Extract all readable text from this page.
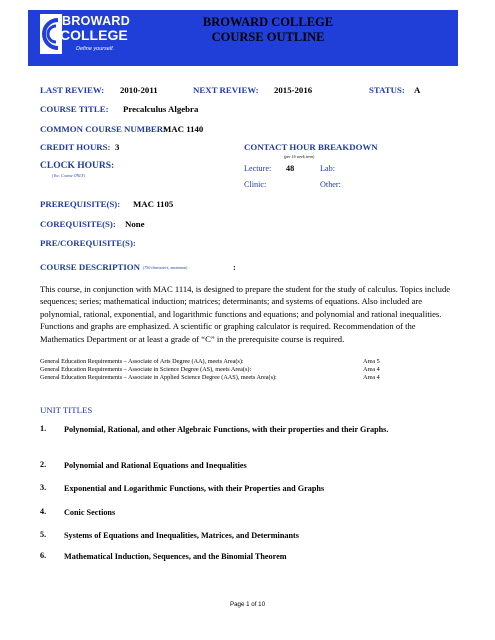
BROWARD
COLLEGE
Define yourself.
BROWARD COLLEGE
COURSE OUTLINE
LAST REVIEW: 2010-2011	NEXT REVIEW: 2015-2016	STATUS: A
COURSE TITLE: Precalculus Algebra
COMMON COURSE NUMBER:
MAC 1140
CREDIT HOURS: 3	CONTACT HOUR BREAKDOWN
(per 16 week term)
Lecture: 48	Lab:
Clinic:	Other:
CLOCK HOURS:
(Voc. Course ONLY)
PREREQUISITE(S): MAC 1105
COREQUISITE(S): None
PRE/COREQUISITE(S):
COURSE DESCRIPTION (750 characters, maximum)	:
This course, in conjunction with MAC 1114, is designed to prepare the student for the study of calculus. Topics include sequences; series; mathematical induction; matrices; determinants; and systems of equations. Also included are polynomial, rational, exponential, and logarithmic functions and equations; and polynomial and rational inequalities. Functions and graphs are emphasized. A scientific or graphing calculator is required. Recommendation of the Mathematics Department or at least a grade of “C” in the prerequisite course is required.
General Education Requirements – Associate of Arts Degree (AA), meets Area(s):	Area 5
General Education Requirements – Associate in Science Degree (AS), meets Area(s):	Area 4
General Education Requirements – Associate in Applied Science Degree (AAS), meets Area(s):	Area 4
UNIT TITLES
1. Polynomial, Rational, and other Algebraic Functions, with their properties and their Graphs.
2. Polynomial and Rational Equations and Inequalities
3. Exponential and Logarithmic Functions, with their Properties and Graphs
4. Conic Sections
5. Systems of Equations and Inequalities, Matrices, and Determinants
6. Mathematical Induction, Sequences, and the Binomial Theorem
Page 1 of 10
